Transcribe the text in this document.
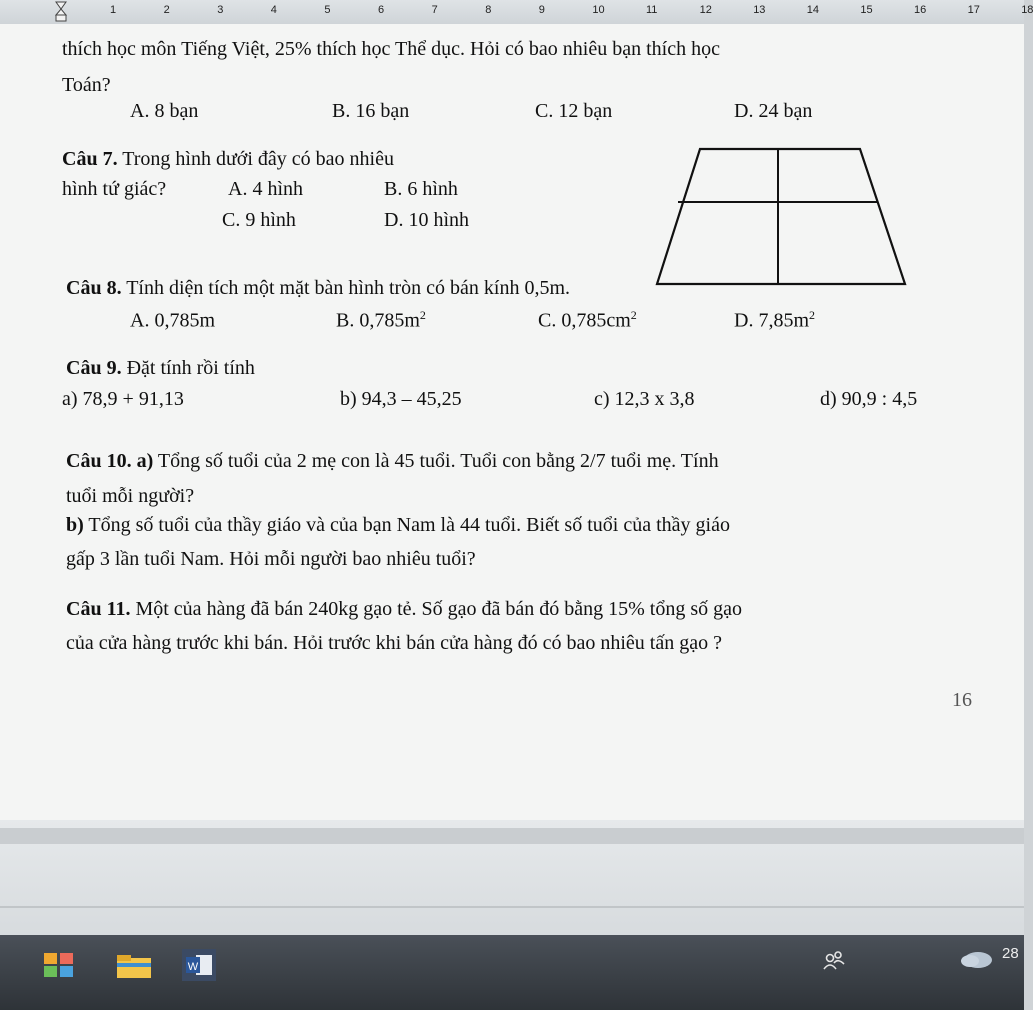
1	2	3	4	5	6	7	8	9	10	11	12	13	14	15	16	17	18
thích học môn Tiếng Việt, 25% thích học Thể dục. Hỏi có bao nhiêu bạn thích học
Toán?
A. 8 bạn	B. 16 bạn	C. 12 bạn	D. 24 bạn
Câu 7. Trong hình dưới đây có bao nhiêu
hình tứ giác?	A. 4 hình	B. 6 hình
C. 9 hình	D. 10 hình
Câu 8. Tính diện tích một mặt bàn hình tròn có bán kính 0,5m.
A. 0,785m	B. $0,785m^2$	C. $0,785cm^2$	D. $7,85m^2$
Câu 9. Đặt tính rồi tính
a) 78,9 + 91,13	b) 94,3 – 45,25	c) 12,3 x 3,8	d) 90,9 : 4,5
Câu 10. a) Tổng số tuổi của 2 mẹ con là 45 tuổi. Tuổi con bằng 2/7 tuổi mẹ. Tính
tuổi mỗi người?
b) Tổng số tuổi của thầy giáo và của bạn Nam là 44 tuổi. Biết số tuổi của thầy giáo
gấp 3 lần tuổi Nam. Hỏi mỗi người bao nhiêu tuổi?
Câu 11. Một của hàng đã bán 240kg gạo tẻ. Số gạo đã bán đó bằng 15% tổng số gạo
của cửa hàng trước khi bán. Hỏi trước khi bán cửa hàng đó có bao nhiêu tấn gạo ?
16
W
28
